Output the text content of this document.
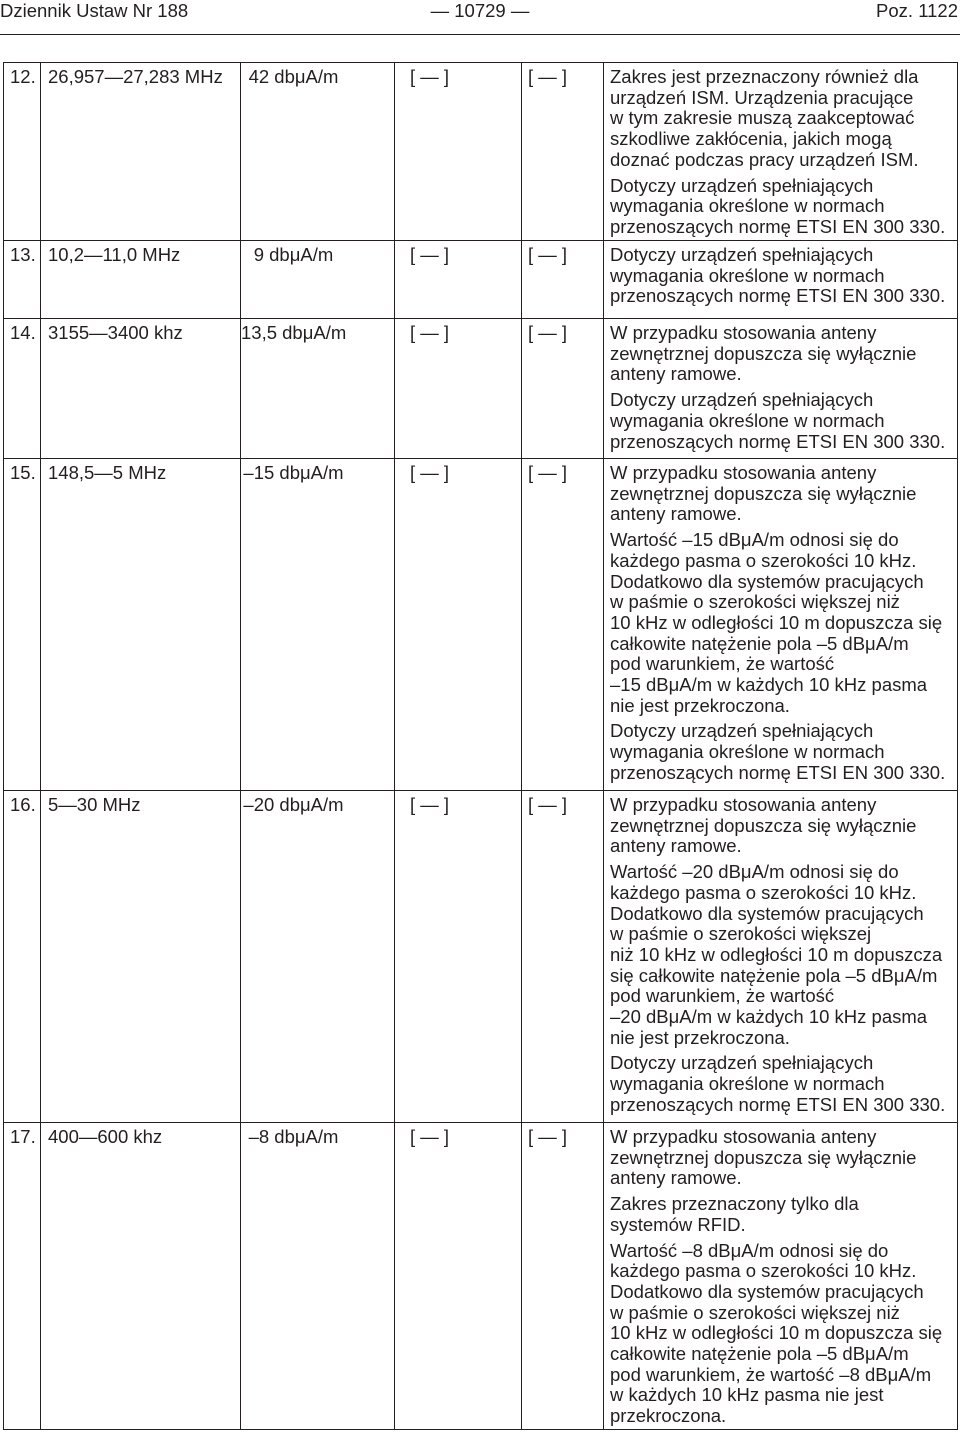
Dziennik Ustaw Nr 188	— 10729 —	Poz. 1122
12. 26,957—27,283 MHz	42 dbμA/m	[ — ]	[ — ]	Zakres jest przeznaczony również dla
urządzeń ISM. Urządzenia pracujące
w tym zakresie muszą zaakceptować
szkodliwe zakłócenia, jakich mogą
doznać podczas pracy urządzeń ISM.
Dotyczy urządzeń spełniających
wymagania określone w normach
przenoszących normę ETSI EN 300 330.
13. 10,2—11,0 MHz	9 dbμA/m	[ — ]	[ — ]	Dotyczy urządzeń spełniających
wymagania określone w normach
przenoszących normę ETSI EN 300 330.
14. 3155—3400 khz	13,5 dbμA/m	[ — ]	[ — ]	W przypadku stosowania anteny
zewnętrznej dopuszcza się wyłącznie
anteny ramowe.
Dotyczy urządzeń spełniających
wymagania określone w normach
przenoszących normę ETSI EN 300 330.
15. 148,5—5 MHz	–15 dbμA/m	[ — ]	[ — ]	W przypadku stosowania anteny
zewnętrznej dopuszcza się wyłącznie
anteny ramowe.
Wartość –15 dBμA/m odnosi się do
każdego pasma o szerokości 10 kHz.
Dodatkowo dla systemów pracujących
w paśmie o szerokości większej niż
10 kHz w odległości 10 m dopuszcza się
całkowite natężenie pola –5 dBμA/m
pod warunkiem, że wartość
–15 dBμA/m w każdych 10 kHz pasma
nie jest przekroczona.
Dotyczy urządzeń spełniających
wymagania określone w normach
przenoszących normę ETSI EN 300 330.
16. 5—30 MHz	–20 dbμA/m	[ — ]	[ — ]	W przypadku stosowania anteny
zewnętrznej dopuszcza się wyłącznie
anteny ramowe.
Wartość –20 dBμA/m odnosi się do
każdego pasma o szerokości 10 kHz.
Dodatkowo dla systemów pracujących
w paśmie o szerokości większej
niż 10 kHz w odległości 10 m dopuszcza
się całkowite natężenie pola –5 dBμA/m
pod warunkiem, że wartość
–20 dBμA/m w każdych 10 kHz pasma
nie jest przekroczona.
Dotyczy urządzeń spełniających
wymagania określone w normach
przenoszących normę ETSI EN 300 330.
17. 400—600 khz	–8 dbμA/m	[ — ]	[ — ]	W przypadku stosowania anteny
zewnętrznej dopuszcza się wyłącznie
anteny ramowe.
Zakres przeznaczony tylko dla
systemów RFID.
Wartość –8 dBμA/m odnosi się do
każdego pasma o szerokości 10 kHz.
Dodatkowo dla systemów pracujących
w paśmie o szerokości większej niż
10 kHz w odległości 10 m dopuszcza się
całkowite natężenie pola –5 dBμA/m
pod warunkiem, że wartość –8 dBμA/m
w każdych 10 kHz pasma nie jest
przekroczona.
